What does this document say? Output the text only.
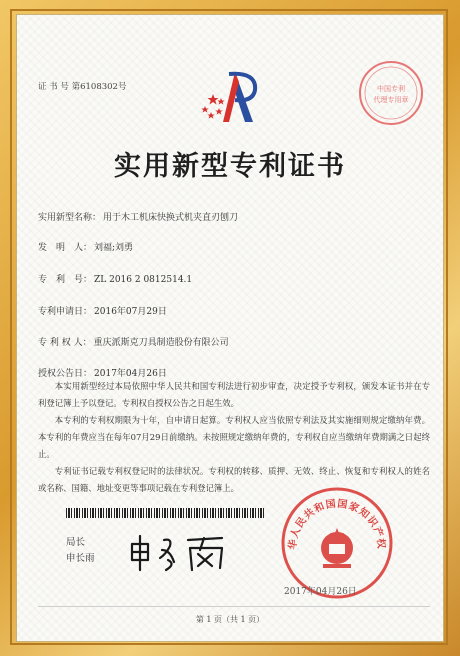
证 书 号 第6108302号	中国专利
代理专用章
实用新型专利证书
实用新型名称： 用于木工机床快换式机夹直刃刨刀
发　明　人： 刘福;刘勇
专　利　号： ZL 2016 2 0812514.1
专利申请日： 2016年07月29日
专 利 权 人： 重庆派斯克刀具制造股份有限公司
授权公告日： 2017年04月26日

本实用新型经过本局依照中华人民共和国专利法进行初步审查，决定授予专利权，颁发本证书并在专利登记簿上予以登记。专利权自授权公告之日起生效。

本专利的专利权期限为十年，自申请日起算。专利权人应当依照专利法及其实施细则规定缴纳年费。本专利的年费应当在每年07月29日前缴纳。未按照规定缴纳年费的，专利权自应当缴纳年费期满之日起终止。

专利证书记载专利权登记时的法律状况。专利权的转移、质押、无效、终止、恢复和专利权人的姓名或名称、国籍、地址变更等事项记载在专利登记簿上。

局长
申长雨
华人民共和国国家知识产权
2017年04月26日
第 1 页（共 1 页）
